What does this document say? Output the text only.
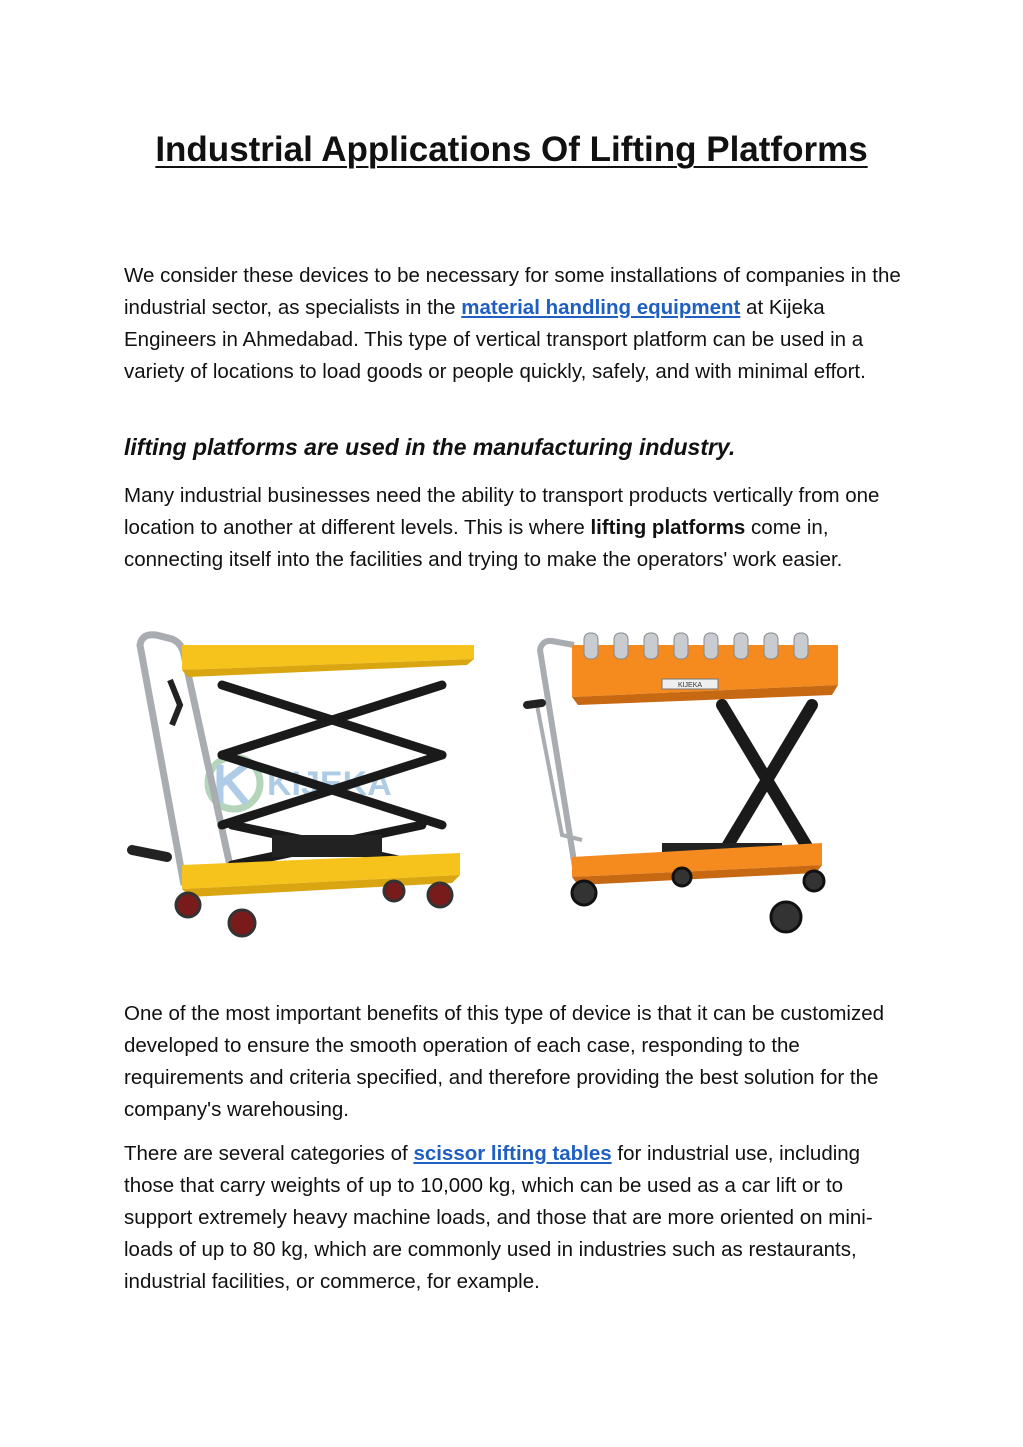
Industrial Applications Of Lifting Platforms

We consider these devices to be necessary for some installations of companies in the industrial sector, as specialists in the material handling equipment at Kijeka Engineers in Ahmedabad. This type of vertical transport platform can be used in a variety of locations to load goods or people quickly, safely, and with minimal effort.

lifting platforms are used in the manufacturing industry.

Many industrial businesses need the ability to transport products vertically from one location to another at different levels. This is where lifting platforms come in, connecting itself into the facilities and trying to make the operators' work easier.

KIJEKA
KIJEKA

One of the most important benefits of this type of device is that it can be customized developed to ensure the smooth operation of each case, responding to the requirements and criteria specified, and therefore providing the best solution for the company's warehousing.

There are several categories of scissor lifting tables for industrial use, including those that carry weights of up to 10,000 kg, which can be used as a car lift or to support extremely heavy machine loads, and those that are more oriented on mini-loads of up to 80 kg, which are commonly used in industries such as restaurants, industrial facilities, or commerce, for example.
